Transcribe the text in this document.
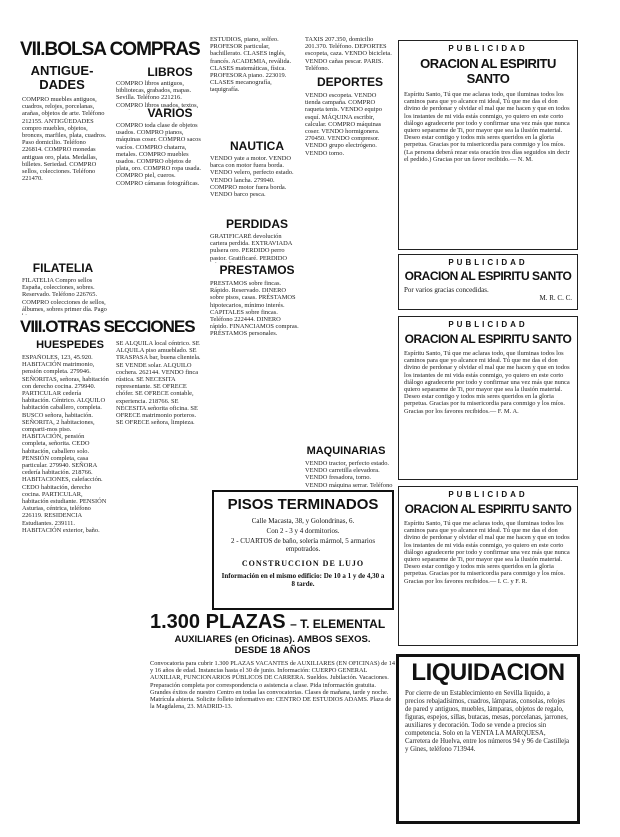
VII.BOLSA COMPRAS
ANTIGUE-DADES
COMPRO muebles antiguos, cuadros, relojes, porcelanas, arañas, objetos de arte. Teléfono 212155. ANTIGÜEDADES compro muebles, objetos, bronces, marfiles, plata, cuadros. Paso domicilio. Teléfono 226814. COMPRO monedas antiguas oro, plata. Medallas, billetes. Seriedad. COMPRO sellos, colecciones. Teléfono 221470.
FILATELIA
FILATELIA Compro sellos España, colecciones, sobres. Reservado. Teléfono 226765. COMPRO colecciones de sellos, álbumes, sobres primer día. Pago
LIBROS
COMPRO libros antiguos, bibliotecas, grabados, mapas. Sevilla. Teléfono 221216. COMPRO libros usados, textos,
VARIOS
COMPRO toda clase de objetos usados. COMPRO pianos, máquinas coser. COMPRO sacos vacíos. COMPRO chatarra, metales. COMPRO muebles usados. COMPRO objetos de plata, oro. COMPRO ropa usada. COMPRO piel, cueros. COMPRO cámaras fotográficas.
ESTUDIOS, piano, solfeo. PROFESOR particular, bachillerato. CLASES inglés, francés. ACADEMIA, reválida. CLASES matemáticas, física. PROFESORA piano. 223019. CLASES mecanografía, taquigrafía.
NAUTICA
VENDO yate a motor. VENDO barca con motor fuera borda. VENDO velero, perfecto estado. VENDO lancha. 279940. COMPRO motor fuera borda. VENDO barco pesca.
PERDIDAS
GRATIFICARÉ devolución cartera perdida. EXTRAVIADA pulsera oro. PERDIDO perro pastor. Gratificaré. PERDIDO
PRESTAMOS
PRESTAMOS sobre fincas. Rápido. Reservado. DINERO sobre pisos, casas. PRÉSTAMOS hipotecarios, mínimo interés. CAPITALES sobre fincas. Teléfono 222444. DINERO rápido. FINANCIAMOS compras. PRÉSTAMOS personales.
TAXIS 207.350, domicilio 201.370. Teléfono. DEPORTES escopeta, caza. VENDO bicicleta. VENDO cañas pescar. PARIS. Teléfono.
DEPORTES
VENDO escopeta. VENDO tienda campaña. COMPRO raqueta tenis. VENDO equipo esquí. MÁQUINA escribir, calcular. COMPRO máquinas coser. VENDO hormigonera. 270450. VENDO compresor. VENDO grupo electrógeno. VENDO torno.
MAQUINARIAS
VENDO tractor, perfecto estado. VENDO carretilla elevadora. VENDO fresadora, torno. VENDO máquina serrar. Teléfono
VIII.OTRAS SECCIONES
HUESPEDES
ESPAÑOLES, 123, 45.920. HABITACIÓN matrimonio, pensión completa. 279946. SEÑORITAS, señoras, habitación con derecho cocina. 279940. PARTICULAR cedería habitación. Céntrico. ALQUILO habitación caballero, completa. BUSCO señora, habitación. SEÑORITA, 2 habitaciones, comparti-mos piso. HABITACIÓN, pensión completa, señorita. CEDO habitación, caballero solo. PENSIÓN completa, casa particular. 279940. SEÑORA cedería habitación. 218766. HABITACIONES, calefacción. CEDO habitación, derecho cocina. PARTICULAR, habitación estudiante. PENSIÓN Asturias, céntrica, teléfono 226119. RESIDENCIA Estudiantes. 239111. HABITACIÓN exterior, baño.
SE ALQUILA local céntrico. SE ALQUILA piso amueblado. SE TRASPASA bar, buena clientela. SE VENDE solar. ALQUILO cochera. 262144. VENDO finca rústica. SE NECESITA representante. SE OFRECE chófer. SE OFRECE contable, experiencia. 218766. SE NECESITA señorita oficina. SE OFRECE matrimonio porteros. SE OFRECE señora, limpieza.
PISOS TERMINADOS
Calle Macasta, 38, y Golondrinas, 6.
Con 2 - 3 y 4 dormitorios.
2 - CUARTOS de baño, solería mármol, 5 armarios empotrados.
CONSTRUCCION DE LUJO
Información en el mismo edificio: De 10 a 1 y de 4,30 a 8 tarde.
1.300 PLAZAS – T. ELEMENTAL
AUXILIARES (en Oficinas). AMBOS SEXOS.
DESDE 18 AÑOS
Convocatoria para cubrir 1.300 PLAZAS VACANTES de AUXILIARES (EN OFICINAS) de 14 y 16 años de edad. Instancias hasta el 30 de junio. Información: CUERPO GENERAL AUXILIAR, FUNCIONARIOS PÚBLICOS DE CARRERA. Sueldos. Jubilación. Vacaciones. Preparación completa por correspondencia o asistencia a clase. Pida información gratuita. Grandes éxitos de nuestro Centro en todas las convocatorias. Clases de mañana, tarde y noche. Matrícula abierta. Solicite folleto informativo en: CENTRO DE ESTUDIOS ADAMS. Plaza de la Magdalena, 23. MADRID-13.
PUBLICIDAD
ORACION AL ESPIRITU SANTO
Espíritu Santo, Tú que me aclaras todo, que iluminas todos los caminos para que yo alcance mi ideal, Tú que me das el don divino de perdonar y olvidar el mal que me hacen y que en todos los instantes de mi vida estás conmigo, yo quiero en este corto diálogo agradecerte por todo y confirmar una vez más que nunca quiero separarme de Ti, por mayor que sea la ilusión material. Deseo estar contigo y todos mis seres queridos en la gloria perpetua. Gracias por tu misericordia para conmigo y los míos. (La persona deberá rezar esta oración tres días seguidos sin decir el pedido.) Gracias por un favor recibido.— N. M.
PUBLICIDAD
ORACION AL ESPIRITU SANTO
Por varios gracias concedidas.
M. R. C. C.
PUBLICIDAD
ORACION AL ESPIRITU SANTO
Espíritu Santo, Tú que me aclaras todo, que iluminas todos los caminos para que yo alcance mi ideal. Tú que me das el don divino de perdonar y olvidar el mal que me hacen y que en todos los instantes de mi vida estás conmigo, yo quiero en este corto diálogo agradecerte por todo y confirmar una vez más que nunca quiero separarme de Ti, por mayor que sea la ilusión material. Deseo estar contigo y todos mis seres queridos en la gloria perpetua. Gracias por tu misericordia para conmigo y los míos. Gracias por los favores recibidos.— F. M. A.
PUBLICIDAD
ORACION AL ESPIRITU SANTO
Espíritu Santo, Tú que me aclaras todo, que iluminas todos los caminos para que yo alcance mi ideal. Tú que me das el don divino de perdonar y olvidar el mal que me hacen y que en todos los instantes de mi vida estás conmigo, yo quiero en este corto diálogo agradecerte por todo y confirmar una vez más que nunca quiero separarme de Ti, por mayor que sea la ilusión material. Deseo estar contigo y todos mis seres queridos en la gloria perpetua. Gracias por tu misericordia para conmigo y los míos. Gracias por los favores recibidos.— I. C. y F. R.
LIQUIDACION
Por cierre de un Establecimiento en Sevilla liquido, a precios rebajadísimos, cuadros, lámparas, consolas, relojes de pared y antiguos, muebles, lámparas, objetos de regalo, figuras, espejos, sillas, butacas, mesas, porcelanas, jarrones, auxiliares y decoración. Todo se vende a precios sin competencia. Solo en la VENTA LA MARQUESA, Carretera de Huelva, entre los números 94 y 96 de Castilleja y Gines, teléfono 713944.
